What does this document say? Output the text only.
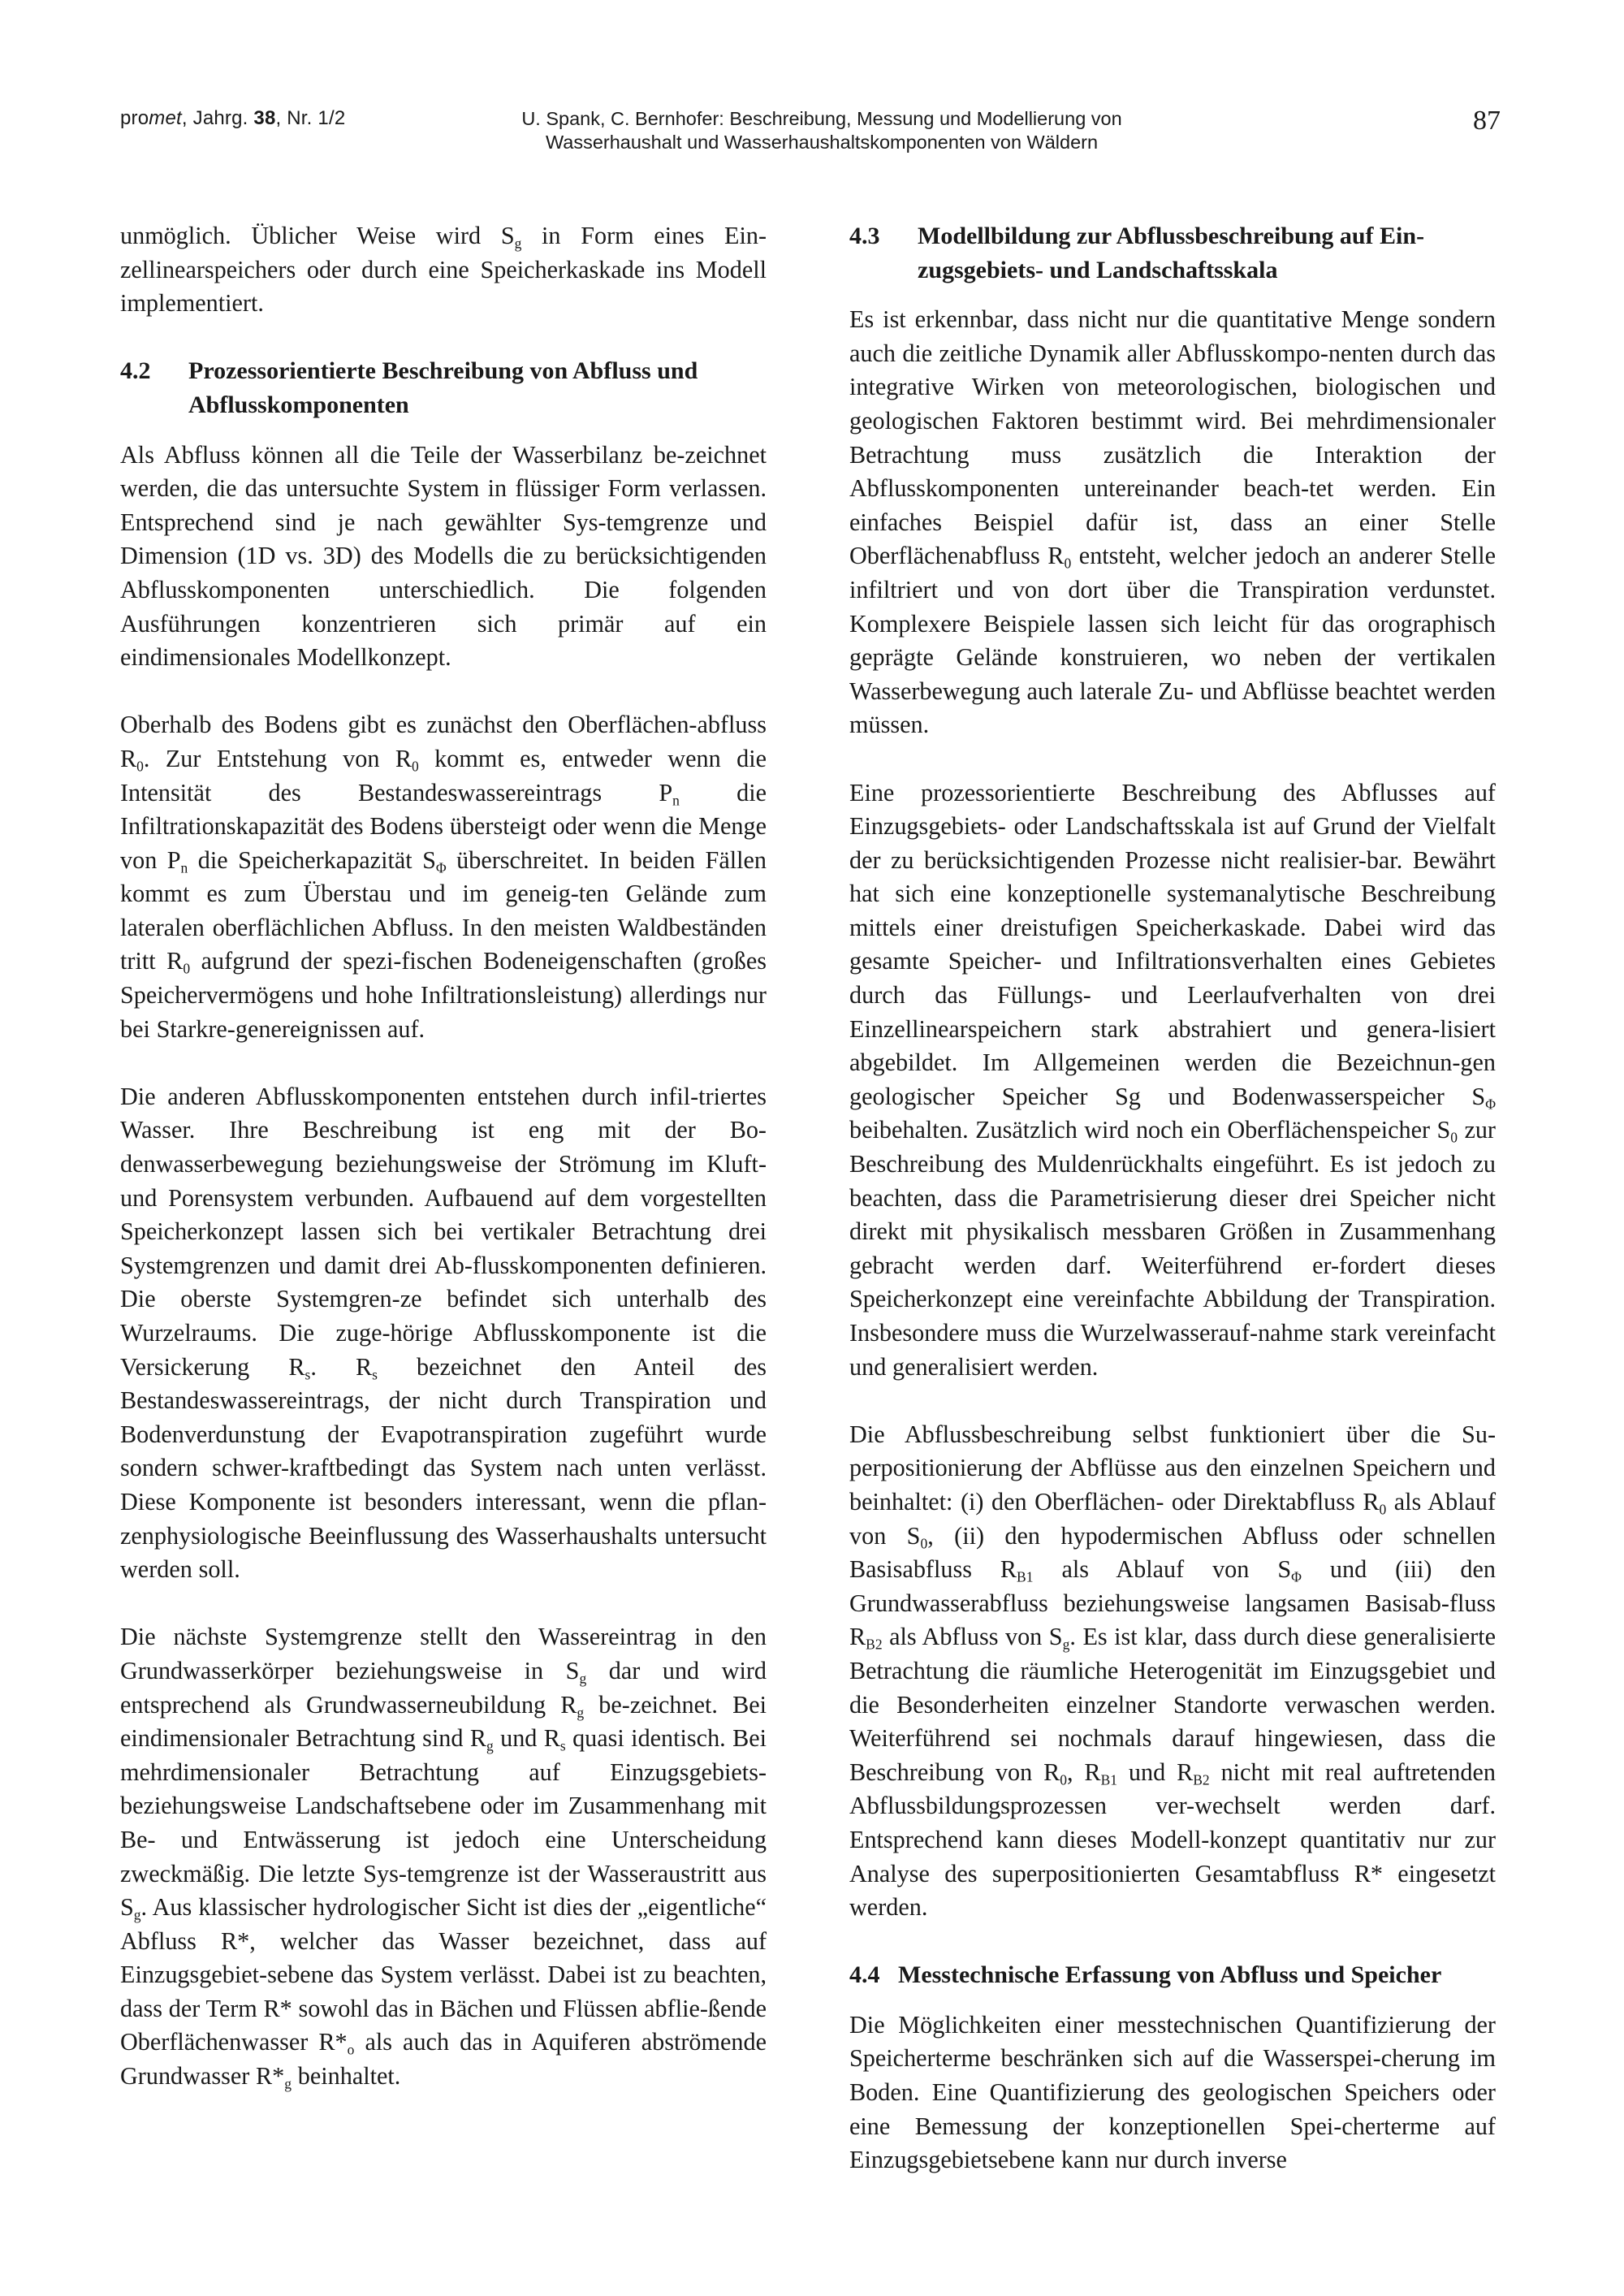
promet, Jahrg. 38, Nr. 1/2	U. Spank, C. Bernhofer: Beschreibung, Messung und Modellierung von
Wasserhaushalt und Wasserhaushaltskomponenten von Wäldern
87

unmöglich. Üblicher Weise wird $S_g$ in Form eines Ein-zellinearspeichers oder durch eine Speicherkaskade ins Modell implementiert.

4.2	Prozessorientierte Beschreibung von Abfluss und Abflusskomponenten

Als Abfluss können all die Teile der Wasserbilanz be-zeichnet werden, die das untersuchte System in flüssiger Form verlassen. Entsprechend sind je nach gewählter Sys-temgrenze und Dimension (1D vs. 3D) des Modells die zu berücksichtigenden Abflusskomponenten unterschiedlich. Die folgenden Ausführungen konzentrieren sich primär auf ein eindimensionales Modellkonzept.

Oberhalb des Bodens gibt es zunächst den Oberflächen-abfluss $R_0$. Zur Entstehung von $R_0$ kommt es, entweder wenn die Intensität des Bestandeswassereintrags $P_n$ die Infiltrationskapazität des Bodens übersteigt oder wenn die Menge von $P_n$ die Speicherkapazität $S_\Phi$ überschreitet. In beiden Fällen kommt es zum Überstau und im geneig-ten Gelände zum lateralen oberflächlichen Abfluss. In den meisten Waldbeständen tritt $R_0$ aufgrund der spezi-fischen Bodeneigenschaften (großes Speichervermögens und hohe Infiltrationsleistung) allerdings nur bei Starkre-genereignissen auf.

Die anderen Abflusskomponenten entstehen durch infil-triertes Wasser. Ihre Beschreibung ist eng mit der Bo-denwasserbewegung beziehungsweise der Strömung im Kluft- und Porensystem verbunden. Aufbauend auf dem vorgestellten Speicherkonzept lassen sich bei vertikaler Betrachtung drei Systemgrenzen und damit drei Ab-flusskomponenten definieren. Die oberste Systemgren-ze befindet sich unterhalb des Wurzelraums. Die zuge-hörige Abflusskomponente ist die Versickerung $R_s$. $R_s$ bezeichnet den Anteil des Bestandeswassereintrags, der nicht durch Transpiration und Bodenverdunstung der Evapotranspiration zugeführt wurde sondern schwer-kraftbedingt das System nach unten verlässt. Diese Komponente ist besonders interessant, wenn die pflan-zenphysiologische Beeinflussung des Wasserhaushalts untersucht werden soll.

Die nächste Systemgrenze stellt den Wassereintrag in den Grundwasserkörper beziehungsweise in $S_g$ dar und wird entsprechend als Grundwasserneubildung $R_g$ be-zeichnet. Bei eindimensionaler Betrachtung sind $R_g$ und $R_s$ quasi identisch. Bei mehrdimensionaler Betrachtung auf Einzugsgebiets- beziehungsweise Landschaftsebene oder im Zusammenhang mit Be- und Entwässerung ist jedoch eine Unterscheidung zweckmäßig. Die letzte Sys-temgrenze ist der Wasseraustritt aus $S_g$. Aus klassischer hydrologischer Sicht ist dies der „eigentliche“ Abfluss R*, welcher das Wasser bezeichnet, dass auf Einzugsgebiet-sebene das System verlässt. Dabei ist zu beachten, dass der Term R* sowohl das in Bächen und Flüssen abflie-ßende Oberflächenwasser $R*_o$ als auch das in Aquiferen abströmende Grundwasser $R*_g$ beinhaltet.

4.3	Modellbildung zur Abflussbeschreibung auf Ein-zugsgebiets- und Landschaftsskala

Es ist erkennbar, dass nicht nur die quantitative Menge sondern auch die zeitliche Dynamik aller Abflusskompo-nenten durch das integrative Wirken von meteorologischen, biologischen und geologischen Faktoren bestimmt wird. Bei mehrdimensionaler Betrachtung muss zusätzlich die Interaktion der Abflusskomponenten untereinander beach-tet werden. Ein einfaches Beispiel dafür ist, dass an einer Stelle Oberflächenabfluss $R_0$ entsteht, welcher jedoch an anderer Stelle infiltriert und von dort über die Transpiration verdunstet. Komplexere Beispiele lassen sich leicht für das orographisch geprägte Gelände konstruieren, wo neben der vertikalen Wasserbewegung auch laterale Zu- und Abflüsse beachtet werden müssen.

Eine prozessorientierte Beschreibung des Abflusses auf Einzugsgebiets- oder Landschaftsskala ist auf Grund der Vielfalt der zu berücksichtigenden Prozesse nicht realisier-bar. Bewährt hat sich eine konzeptionelle systemanalytische Beschreibung mittels einer dreistufigen Speicherkaskade. Dabei wird das gesamte Speicher- und Infiltrationsverhalten eines Gebietes durch das Füllungs- und Leerlaufverhalten von drei Einzellinearspeichern stark abstrahiert und genera-lisiert abgebildet. Im Allgemeinen werden die Bezeichnun-gen geologischer Speicher Sg und Bodenwasserspeicher $S_\Phi$ beibehalten. Zusätzlich wird noch ein Oberflächenspeicher $S_0$ zur Beschreibung des Muldenrückhalts eingeführt. Es ist jedoch zu beachten, dass die Parametrisierung dieser drei Speicher nicht direkt mit physikalisch messbaren Größen in Zusammenhang gebracht werden darf. Weiterführend er-fordert dieses Speicherkonzept eine vereinfachte Abbildung der Transpiration. Insbesondere muss die Wurzelwasserauf-nahme stark vereinfacht und generalisiert werden.

Die Abflussbeschreibung selbst funktioniert über die Su-perpositionierung der Abflüsse aus den einzelnen Speichern und beinhaltet: (i) den Oberflächen- oder Direktabfluss $R_0$ als Ablauf von $S_0$, (ii) den hypodermischen Abfluss oder schnellen Basisabfluss $R_{B1}$ als Ablauf von $S_\Phi$ und (iii) den Grundwasserabfluss beziehungsweise langsamen Basisab-fluss $R_{B2}$ als Abfluss von $S_g$. Es ist klar, dass durch diese generalisierte Betrachtung die räumliche Heterogenität im Einzugsgebiet und die Besonderheiten einzelner Standorte verwaschen werden. Weiterführend sei nochmals darauf hingewiesen, dass die Beschreibung von $R_0$, $R_{B1}$ und $R_{B2}$ nicht mit real auftretenden Abflussbildungsprozessen ver-wechselt werden darf. Entsprechend kann dieses Modell-konzept quantitativ nur zur Analyse des superpositionierten Gesamtabfluss R* eingesetzt werden.

4.4 Messtechnische Erfassung von Abfluss und Speicher

Die Möglichkeiten einer messtechnischen Quantifizierung der Speicherterme beschränken sich auf die Wasserspei-cherung im Boden. Eine Quantifizierung des geologischen Speichers oder eine Bemessung der konzeptionellen Spei-cherterme auf Einzugsgebietsebene kann nur durch inverse
